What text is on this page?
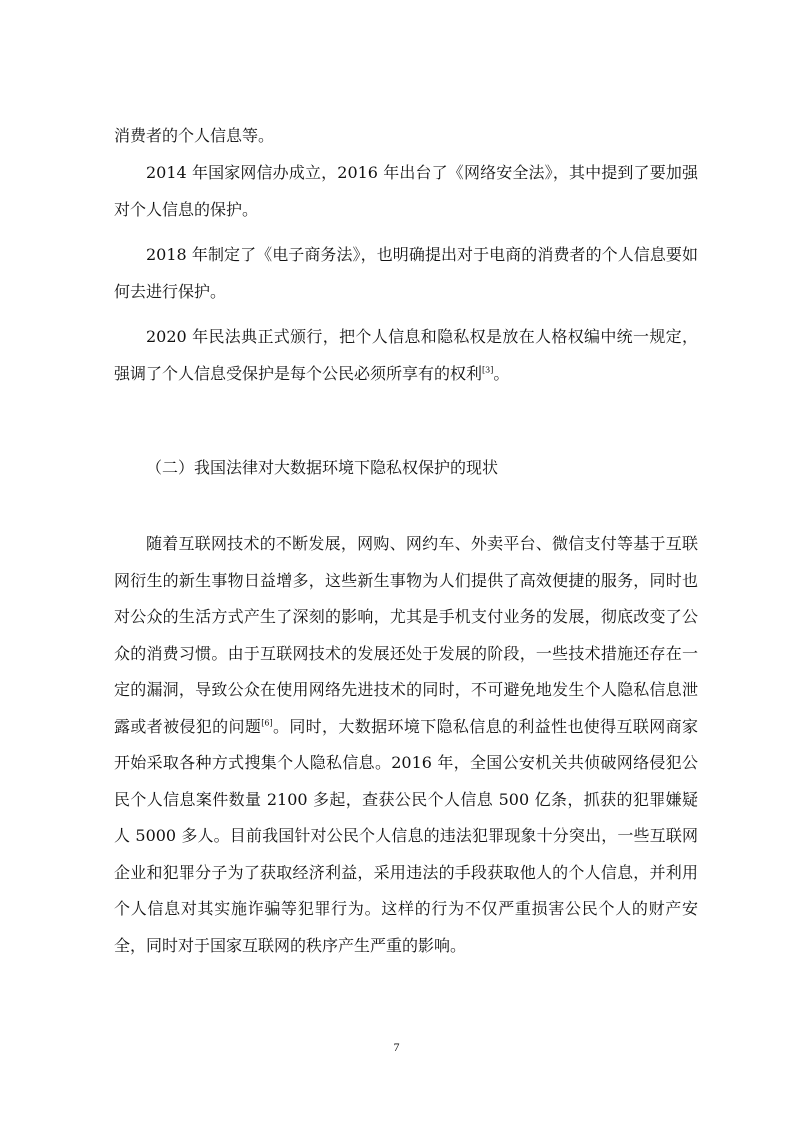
消费者的个人信息等。

2014 年国家网信办成立，2016 年出台了《网络安全法》，其中提到了要加强对个人信息的保护。

2018 年制定了《电子商务法》，也明确提出对于电商的消费者的个人信息要如何去进行保护。

2020 年民法典正式颁行，把个人信息和隐私权是放在人格权编中统一规定，强调了个人信息受保护是每个公民必须所享有的权利[3]。

（二）我国法律对大数据环境下隐私权保护的现状

随着互联网技术的不断发展，网购、网约车、外卖平台、微信支付等基于互联网衍生的新生事物日益增多，这些新生事物为人们提供了高效便捷的服务，同时也对公众的生活方式产生了深刻的影响，尤其是手机支付业务的发展，彻底改变了公众的消费习惯。由于互联网技术的发展还处于发展的阶段，一些技术措施还存在一定的漏洞，导致公众在使用网络先进技术的同时，不可避免地发生个人隐私信息泄露或者被侵犯的问题[6]。同时，大数据环境下隐私信息的利益性也使得互联网商家开始采取各种方式搜集个人隐私信息。2016 年，全国公安机关共侦破网络侵犯公民个人信息案件数量 2100 多起，查获公民个人信息 500 亿条，抓获的犯罪嫌疑人 5000 多人。目前我国针对公民个人信息的违法犯罪现象十分突出，一些互联网企业和犯罪分子为了获取经济利益，采用违法的手段获取他人的个人信息，并利用个人信息对其实施诈骗等犯罪行为。这样的行为不仅严重损害公民个人的财产安全，同时对于国家互联网的秩序产生严重的影响。

7
